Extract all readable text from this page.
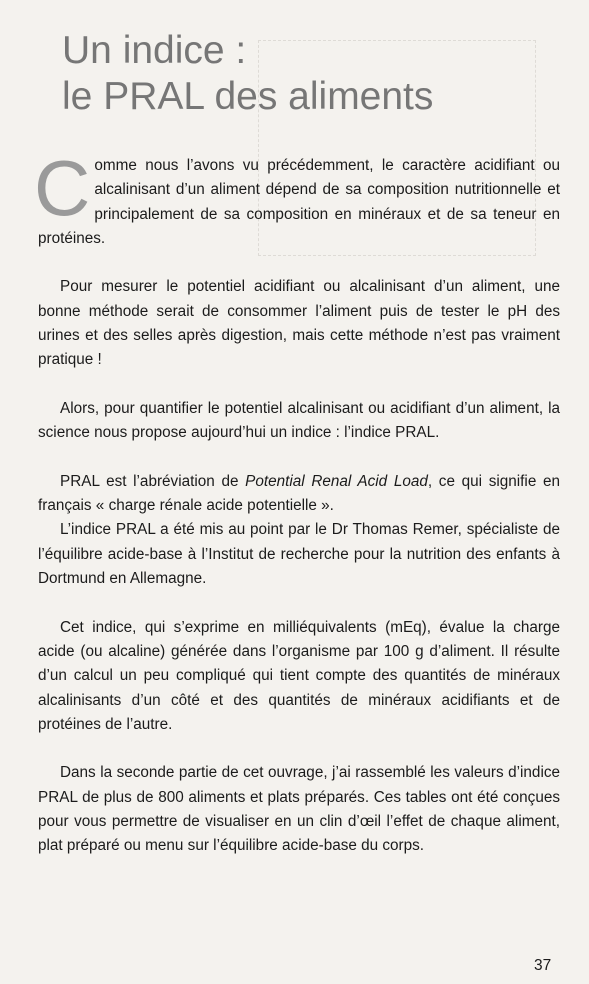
Un indice :
le PRAL des aliments

Comme nous l’avons vu précédemment, le caractère acidifiant ou alcalinisant d’un aliment dépend de sa composition nutritionnelle et principalement de sa composition en minéraux et de sa teneur en protéines.

Pour mesurer le potentiel acidifiant ou alcalinisant d’un aliment, une bonne méthode serait de consommer l’aliment puis de tester le pH des urines et des selles après digestion, mais cette méthode n’est pas vraiment pratique !

Alors, pour quantifier le potentiel alcalinisant ou acidifiant d’un aliment, la science nous propose aujourd’hui un indice : l’indice PRAL.

PRAL est l’abréviation de Potential Renal Acid Load, ce qui signifie en français « charge rénale acide potentielle ».

L’indice PRAL a été mis au point par le Dr Thomas Remer, spécialiste de l’équilibre acide-base à l’Institut de recherche pour la nutrition des enfants à Dortmund en Allemagne.

Cet indice, qui s’exprime en milliéquivalents (mEq), évalue la charge acide (ou alcaline) générée dans l’organisme par 100 g d’aliment. Il résulte d’un calcul un peu compliqué qui tient compte des quantités de minéraux alcalinisants d’un côté et des quantités de minéraux acidifiants et de protéines de l’autre.

Dans la seconde partie de cet ouvrage, j’ai rassemblé les valeurs d’indice PRAL de plus de 800 aliments et plats préparés. Ces tables ont été conçues pour vous permettre de visualiser en un clin d’œil l’effet de chaque aliment, plat préparé ou menu sur l’équilibre acide-base du corps.

37
